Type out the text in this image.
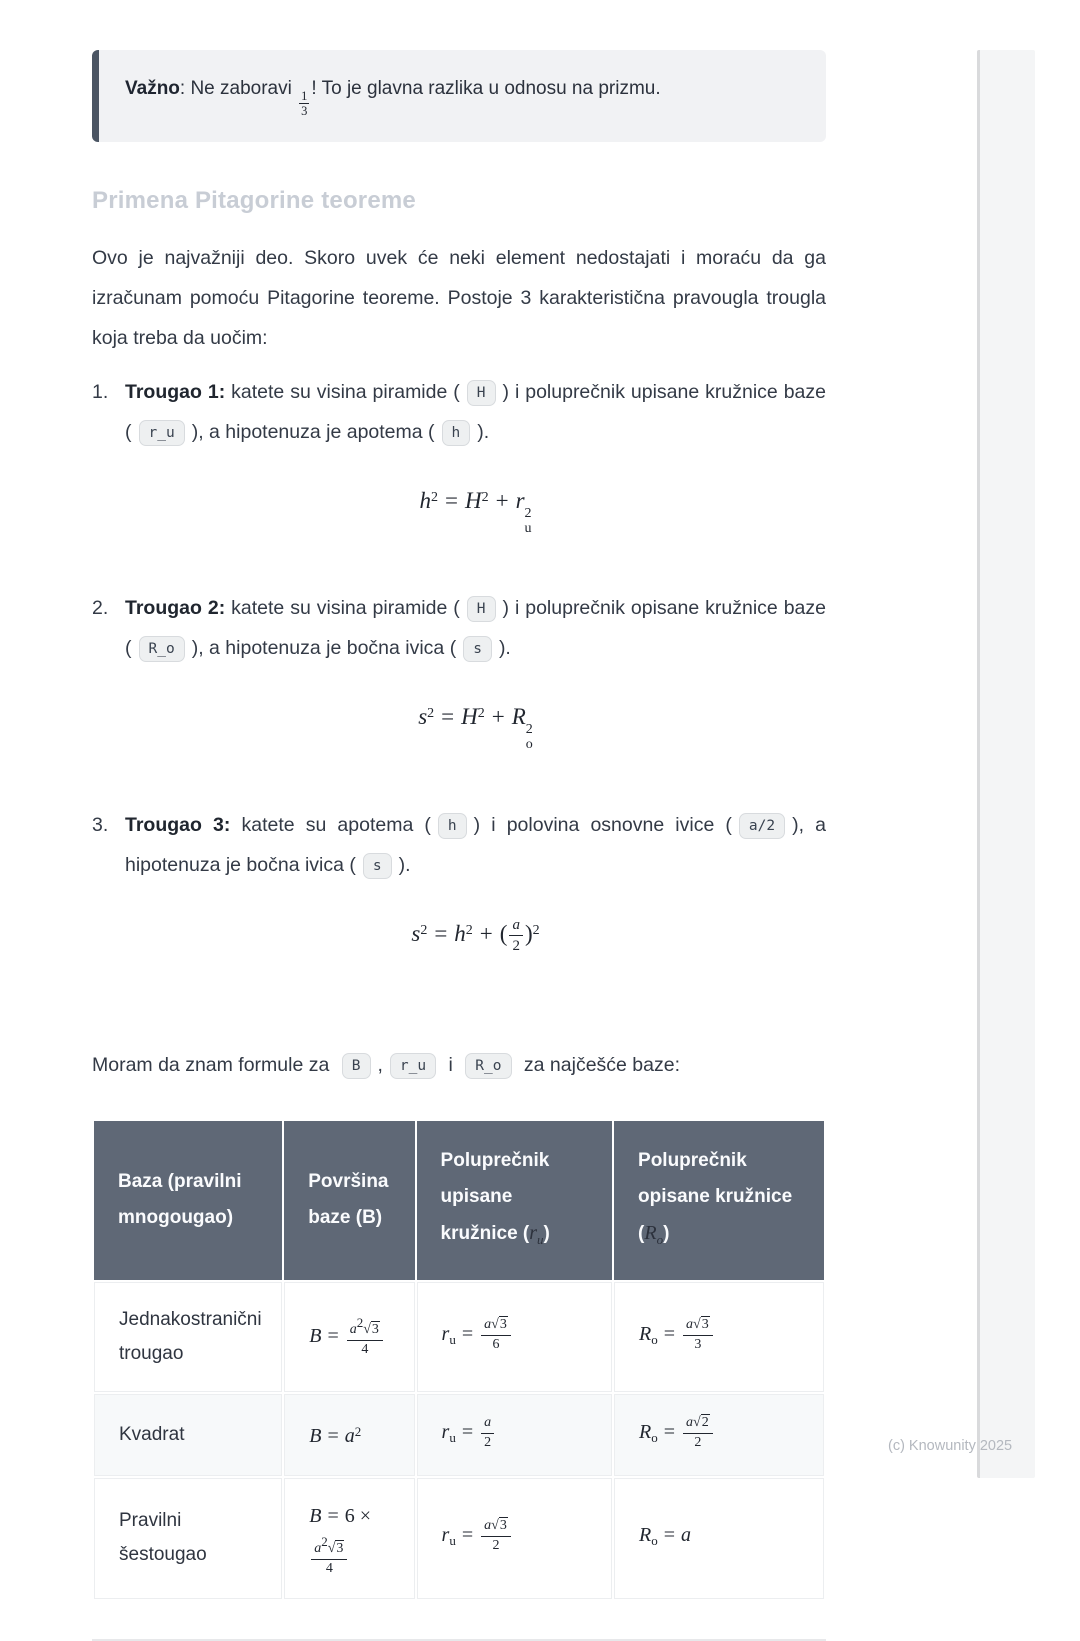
Važno: Ne zaboravi
$\frac{1}{3}$
! To je glavna razlika u odnosu na prizmu.
Primena Pitagorine teoreme

Ovo je najvažniji deo. Skoro uvek će neki element nedostajati i moraću da ga izračunam pomoću Pitagorine teoreme. Postoje 3 karakteristična pravougla trougla koja treba da uočim:

1. Trougao 1: katete su visina piramide ( H ) i poluprečnik upisane kružnice baze ( r_u ), a hipotenuza je apotema ( h ).
$h^2 = H^2 + r$
2
u
2. Trougao 2: katete su visina piramide ( H ) i poluprečnik opisane kružnice baze ( R_o ), a hipotenuza je bočna ivica ( s ).
$s^2 = H^2 + R$
2
o
3. Trougao 3: katete su apotema ( h ) i polovina osnovne ivice ( a/2 ), a hipotenuza je bočna ivica ( s ).
$s^2 = h^2$ + ( $\frac{a}{2} )^2$

Moram da znam formule za B , r_u i R_o za najčešće baze:

Baza (pravilni mnogougao)	Površina baze (B)	Poluprečnik upisane kružnice $(r_u)$	Poluprečnik opisane kružnice $(R_o)$
Jednakostranični trougao	$B = \frac{a^2 √ 3}{4}$	$r_u = \frac{a √ 3}{6}$	$R_o = \frac{a √ 3}{3}$

Kvadrat	$B = a^2$	$r_u = \frac{a}{2}$	$R_o = \frac{a √ 2}{2}$

Pravilni šestougao	B = 6 ×
$\frac{a^2 √ 3}{4}$	$r_u = \frac{a √ 3}{2}$	$R_o = a$
(c) Knowunity 2025
